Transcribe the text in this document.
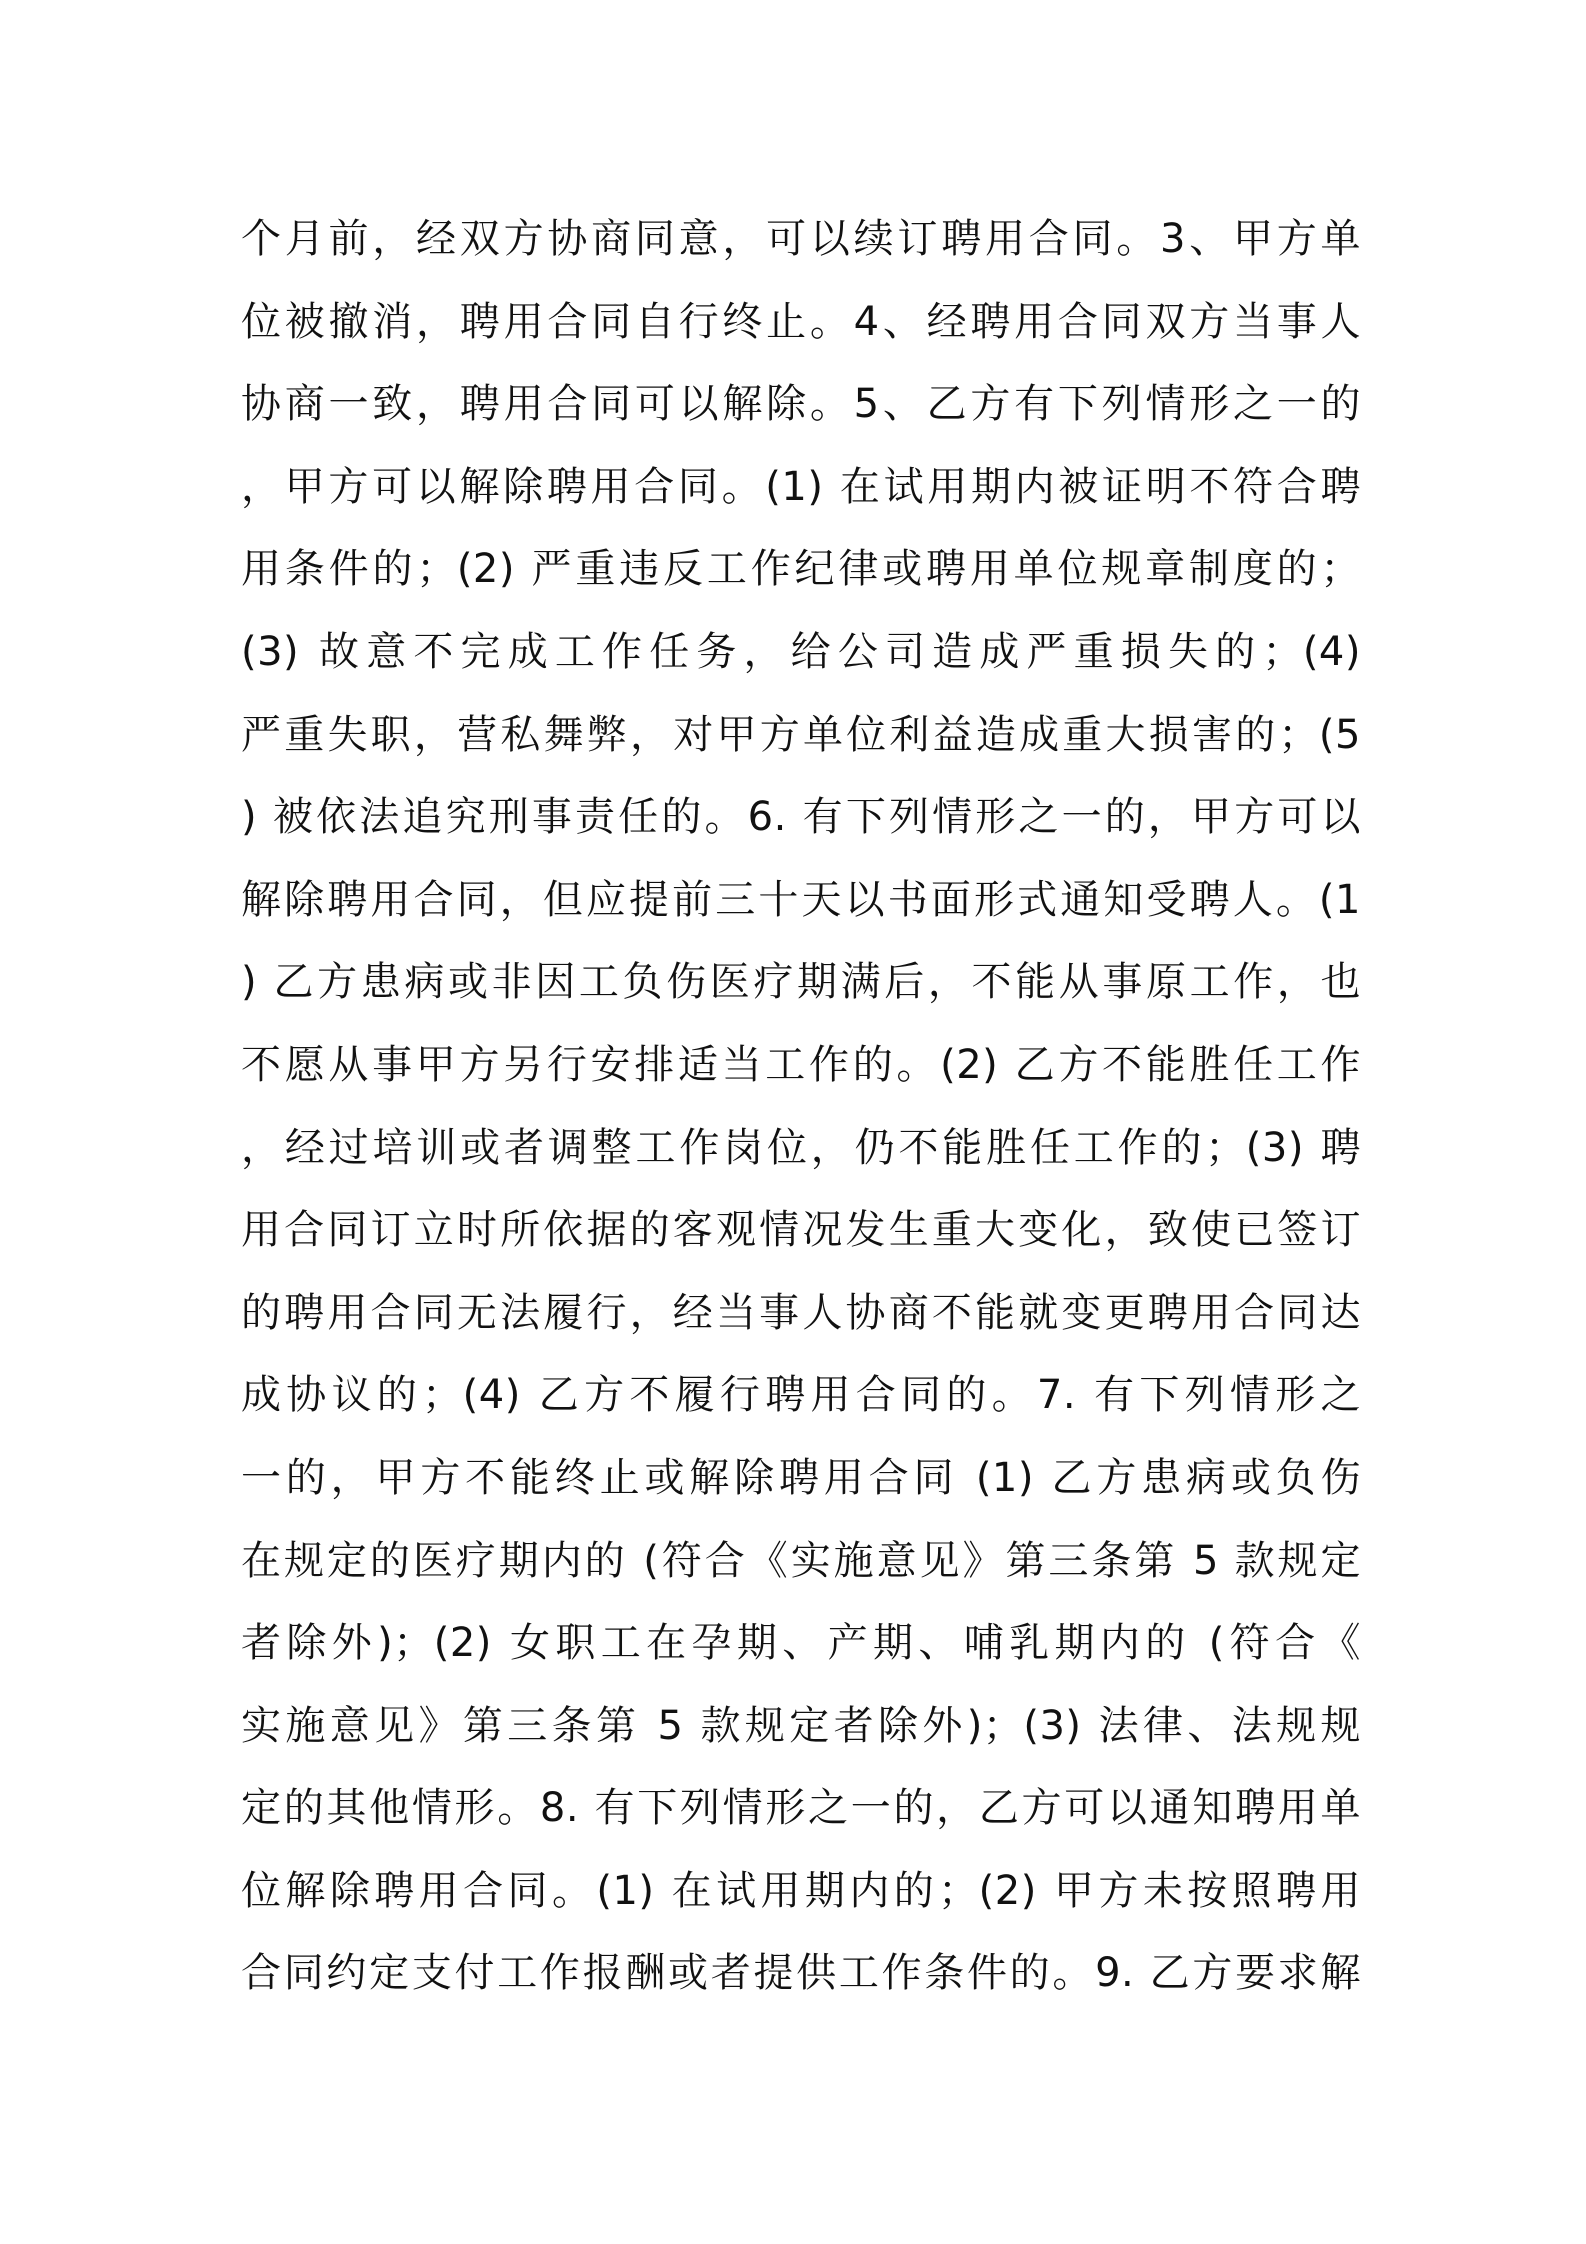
个月前，经双方协商同意，可以续订聘用合同。3、甲方单
位被撤消，聘用合同自行终止。4、经聘用合同双方当事人
协商一致，聘用合同可以解除。5、乙方有下列情形之一的
，甲方可以解除聘用合同。(1) 在试用期内被证明不符合聘
用条件的；(2) 严重违反工作纪律或聘用单位规章制度的；
(3) 故意不完成工作任务，给公司造成严重损失的；(4)
严重失职，营私舞弊，对甲方单位利益造成重大损害的；(5
) 被依法追究刑事责任的。6. 有下列情形之一的，甲方可以
解除聘用合同，但应提前三十天以书面形式通知受聘人。(1
) 乙方患病或非因工负伤医疗期满后，不能从事原工作，也
不愿从事甲方另行安排适当工作的。(2) 乙方不能胜任工作
，经过培训或者调整工作岗位，仍不能胜任工作的；(3) 聘
用合同订立时所依据的客观情况发生重大变化，致使已签订
的聘用合同无法履行，经当事人协商不能就变更聘用合同达
成协议的；(4) 乙方不履行聘用合同的。7. 有下列情形之
一的，甲方不能终止或解除聘用合同 (1) 乙方患病或负伤
在规定的医疗期内的 (符合《实施意见》第三条第 5 款规定
者除外)；(2) 女职工在孕期、产期、哺乳期内的 (符合《
实施意见》第三条第 5 款规定者除外)；(3) 法律、法规规
定的其他情形。8. 有下列情形之一的，乙方可以通知聘用单
位解除聘用合同。(1) 在试用期内的；(2) 甲方未按照聘用
合同约定支付工作报酬或者提供工作条件的。9. 乙方要求解
